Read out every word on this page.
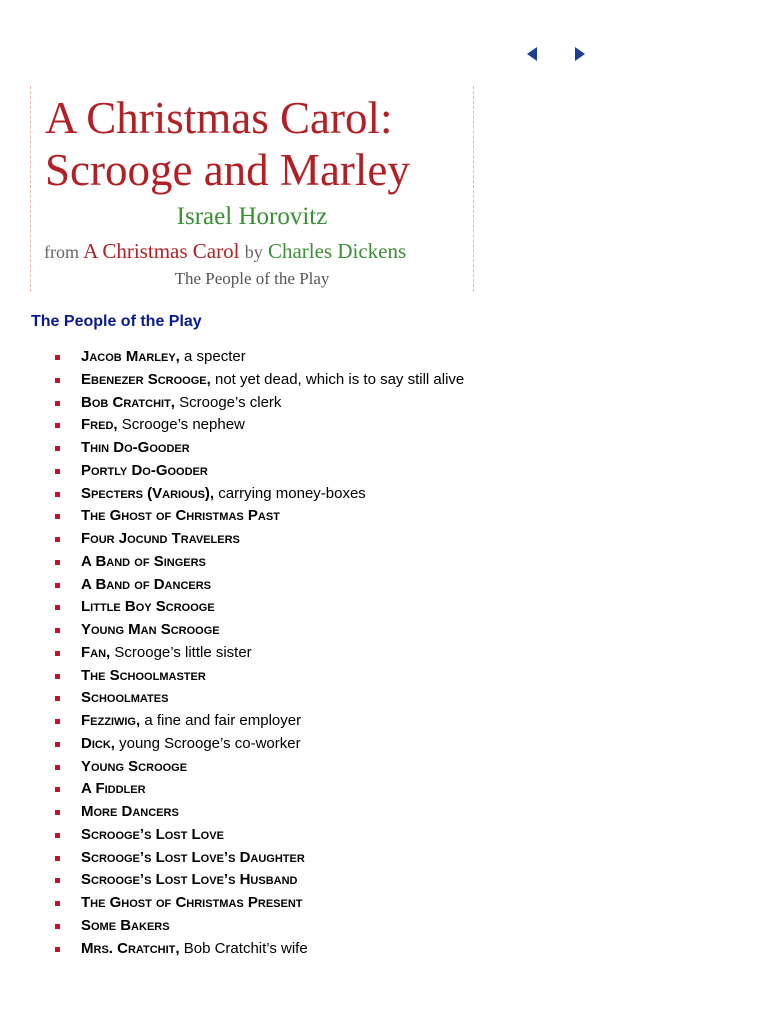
A Christmas Carol:
Scrooge and Marley
Israel Horovitz
from A Christmas Carol by Charles Dickens
The People of the Play
The People of the Play
Jacob Marley, a specter
Ebenezer Scrooge, not yet dead, which is to say still alive
Bob Cratchit, Scrooge’s clerk
Fred, Scrooge’s nephew
Thin Do-Gooder
Portly Do-Gooder
Specters (Various), carrying money-boxes
The Ghost of Christmas Past
Four Jocund Travelers
A Band of Singers
A Band of Dancers
Little Boy Scrooge
Young Man Scrooge
Fan, Scrooge’s little sister
The Schoolmaster
Schoolmates
Fezziwig, a fine and fair employer
Dick, young Scrooge’s co-worker
Young Scrooge
A Fiddler
More Dancers
Scrooge’s Lost Love
Scrooge’s Lost Love’s Daughter
Scrooge’s Lost Love’s Husband
The Ghost of Christmas Present
Some Bakers
Mrs. Cratchit, Bob Cratchit’s wife
